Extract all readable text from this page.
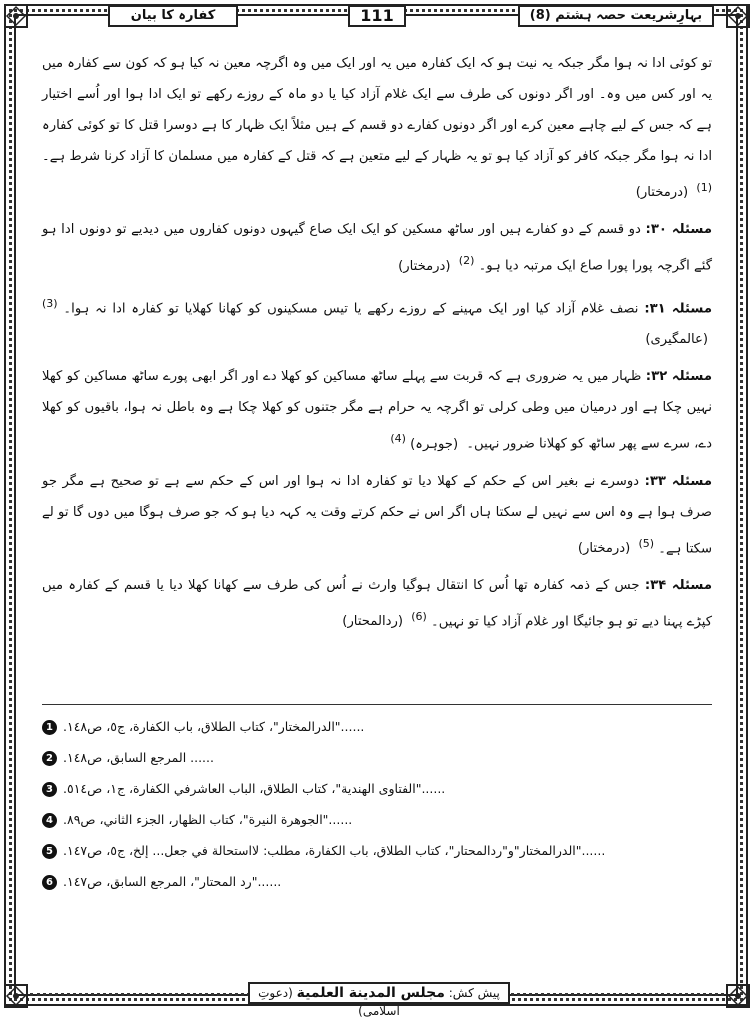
بہارِشریعت حصہ ہشتم (8)
111
کفارہ کا بیان

تو کوئی ادا نہ ہوا مگر جبکہ یہ نیت ہو کہ ایک کفارہ میں یہ اور ایک میں وہ اگرچہ معین نہ کیا ہو کہ کون سے کفارہ میں یہ اور کس میں وہ۔ اور اگر دونوں کی طرف سے ایک غلام آزاد کیا یا دو ماہ کے روزے رکھے تو ایک ادا ہوا اور اُسے اختیار ہے کہ جس کے لیے چاہے معین کرے اور اگر دونوں کفارے دو قسم کے ہیں مثلاً ایک ظہار کا ہے دوسرا قتل کا تو کوئی کفارہ ادا نہ ہوا مگر جبکہ کافر کو آزاد کیا ہو تو یہ ظہار کے لیے متعین ہے کہ قتل کے کفارہ میں مسلمان کا آزاد کرنا شرط ہے۔ $^{(1)}$ (درمختار)

مسئلہ ۳۰: دو قسم کے دو کفارے ہیں اور ساٹھ مسکین کو ایک ایک صاع گیہوں دونوں کفاروں میں دیدیے تو دونوں ادا ہو گئے اگرچہ پورا پورا صاع ایک مرتبہ دیا ہو۔ $^{(2)}$ (درمختار)

مسئلہ ۳۱: نصف غلام آزاد کیا اور ایک مہینے کے روزے رکھے یا تیس مسکینوں کو کھانا کھلایا تو کفارہ ادا نہ ہوا۔ $^{(3)}$ (عالمگیری)

مسئلہ ۳۲: ظہار میں یہ ضروری ہے کہ قربت سے پہلے ساٹھ مساکین کو کھلا دے اور اگر ابھی پورے ساٹھ مساکین کو کھلا نہیں چکا ہے اور درمیان میں وطی کرلی تو اگرچہ یہ حرام ہے مگر جتنوں کو کھلا چکا ہے وہ باطل نہ ہوا، باقیوں کو کھلا دے، سرے سے پھر ساٹھ کو کھلانا ضرور نہیں۔ (جوہرہ) $^{(4)}$

مسئلہ ۳۳: دوسرے نے بغیر اس کے حکم کے کھلا دیا تو کفارہ ادا نہ ہوا اور اس کے حکم سے ہے تو صحیح ہے مگر جو صرف ہوا ہے وہ اس سے نہیں لے سکتا ہاں اگر اس نے حکم کرتے وقت یہ کہہ دیا ہو کہ جو صرف ہوگا میں دوں گا تو لے سکتا ہے۔ $^{(5)}$ (درمختار)

مسئلہ ۳۴: جس کے ذمہ کفارہ تھا اُس کا انتقال ہوگیا وارث نے اُس کی طرف سے کھانا کھلا دیا یا قسم کے کفارہ میں کپڑے پہنا دیے تو ہو جائیگا اور غلام آزاد کیا تو نہیں۔ $^{(6)}$ (ردالمحتار)

1 ......"الدرالمختار"، كتاب الطلاق، باب الكفارة، ج٥، ص١٤٨.
2 ...... المرجع السابق، ص١٤٨.
3 ......"الفتاوى الهندية"، كتاب الطلاق، الباب العاشرفي الكفارة، ج١، ص٥١٤.
4 ......"الجوهرة النيرة"، كتاب الظهار، الجزء الثاني، ص٨٩.
5 ......"الدرالمختار"و"ردالمحتار"، كتاب الطلاق، باب الكفارة، مطلب: لااستحالة في جعل... إلخ، ج٥، ص١٤٧.
6 ......"رد المحتار"، المرجع السابق، ص١٤٧.
پیش کش: مجلس المدينة العلمية (دعوتِ اسلامی)
